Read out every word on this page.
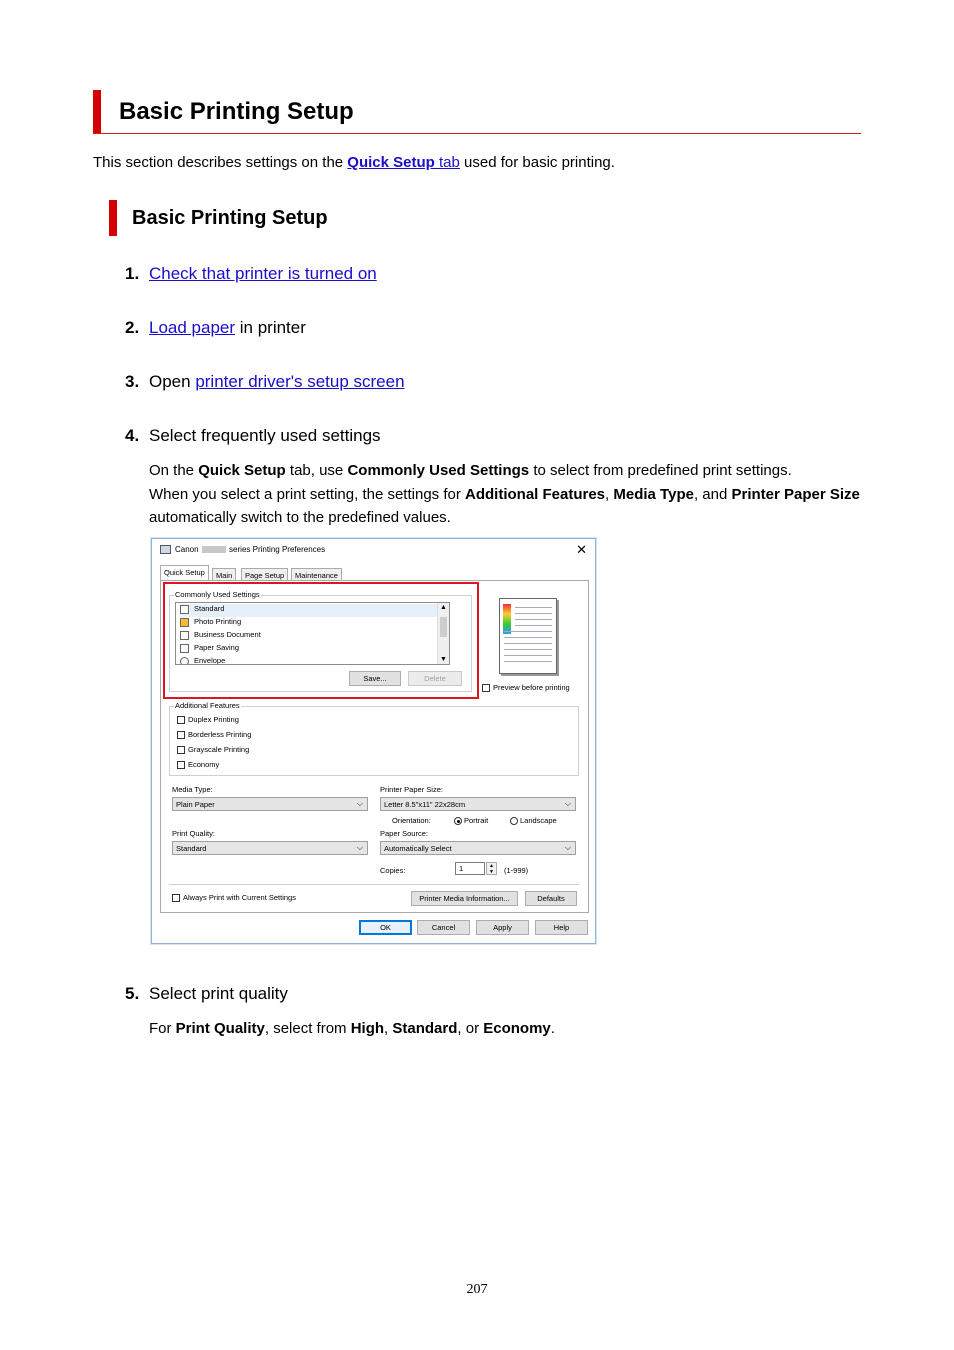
Basic Printing Setup
This section describes settings on the Quick Setup tab used for basic printing.
Basic Printing Setup
1. Check that printer is turned on
2. Load paper in printer
3. Open printer driver's setup screen
4. Select frequently used settings
On the Quick Setup tab, use Commonly Used Settings to select from predefined print settings.
When you select a print setting, the settings for Additional Features, Media Type, and Printer Paper Size automatically switch to the predefined values.
Canon	series Printing Preferences	✕
Quick Setup	Main	Page Setup	Maintenance
Commonly Used Settings
Standard
Photo Printing
Business Document
Paper Saving
Envelope
▲
▼
Save...	Delete
Preview before printing
Additional Features
Duplex Printing
Borderless Printing
Grayscale Printing
Economy
Media Type:
Plain Paper	⌵
Printer Paper Size:
Letter 8.5"x11" 22x28cm	⌵
Orientation:	Portrait	Landscape
Print Quality:
Standard	⌵
Paper Source:
Automatically Select	⌵
Copies:	1	▲
▼ (1-999)
Always Print with Current Settings	Printer Media Information...	Defaults
OK	Cancel	Apply	Help
5. Select print quality
For Print Quality, select from High, Standard, or Economy.
207
